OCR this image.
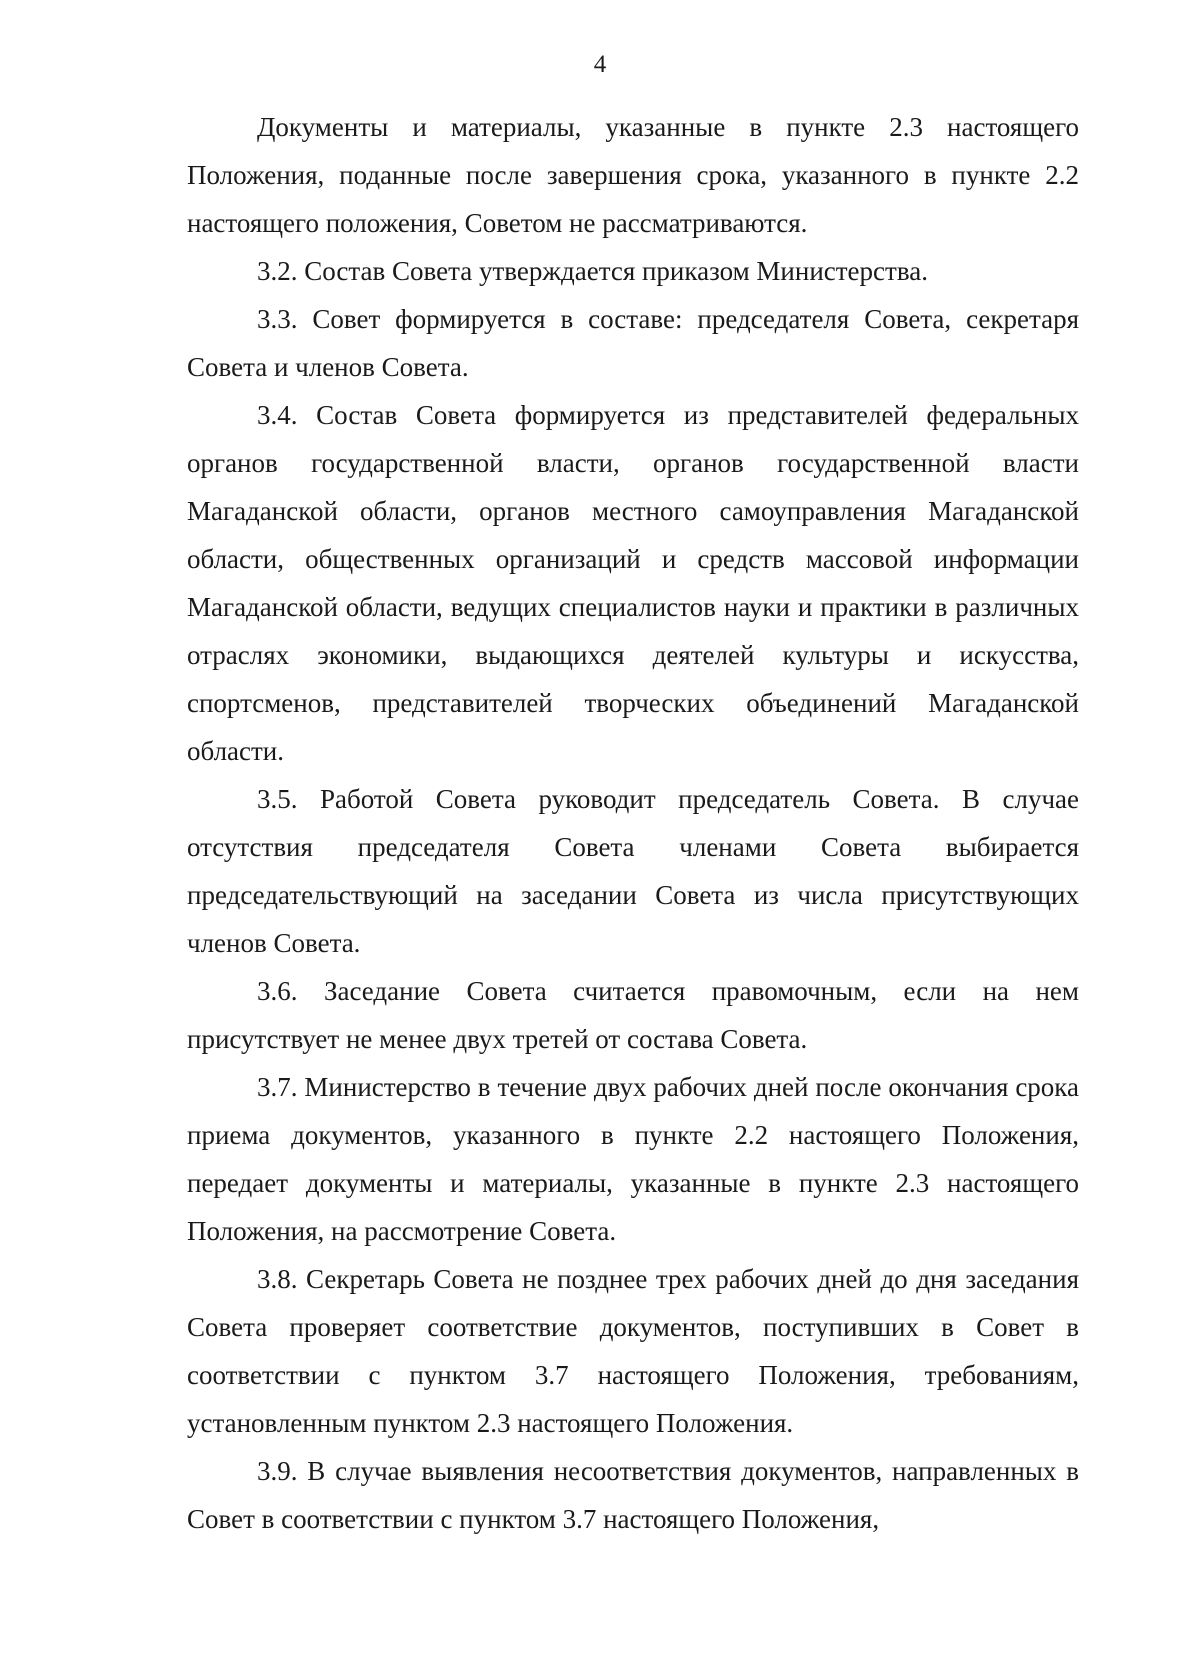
4

Документы и материалы, указанные в пункте 2.3 настоящего Положения, поданные после завершения срока, указанного в пункте 2.2 настоящего положения, Советом не рассматриваются.

3.2. Состав Совета утверждается приказом Министерства.

3.3. Совет формируется в составе: председателя Совета, секретаря Совета и членов Совета.

3.4. Состав Совета формируется из представителей федеральных органов государственной власти, органов государственной власти Магаданской области, органов местного самоуправления Магаданской области, общественных организаций и средств массовой информации Магаданской области, ведущих специалистов науки и практики в различных отраслях экономики, выдающихся деятелей культуры и искусства, спортсменов, представителей творческих объединений Магаданской области.

3.5. Работой Совета руководит председатель Совета. В случае отсутствия председателя Совета членами Совета выбирается председательствующий на заседании Совета из числа присутствующих членов Совета.

3.6. Заседание Совета считается правомочным, если на нем присутствует не менее двух третей от состава Совета.

3.7. Министерство в течение двух рабочих дней после окончания срока приема документов, указанного в пункте 2.2 настоящего Положения, передает документы и материалы, указанные в пункте 2.3 настоящего Положения, на рассмотрение Совета.

3.8. Секретарь Совета не позднее трех рабочих дней до дня заседания Совета проверяет соответствие документов, поступивших в Совет в соответствии с пунктом 3.7 настоящего Положения, требованиям, установленным пунктом 2.3 настоящего Положения.

3.9. В случае выявления несоответствия документов, направленных в Совет в соответствии с пунктом 3.7 настоящего Положения,
